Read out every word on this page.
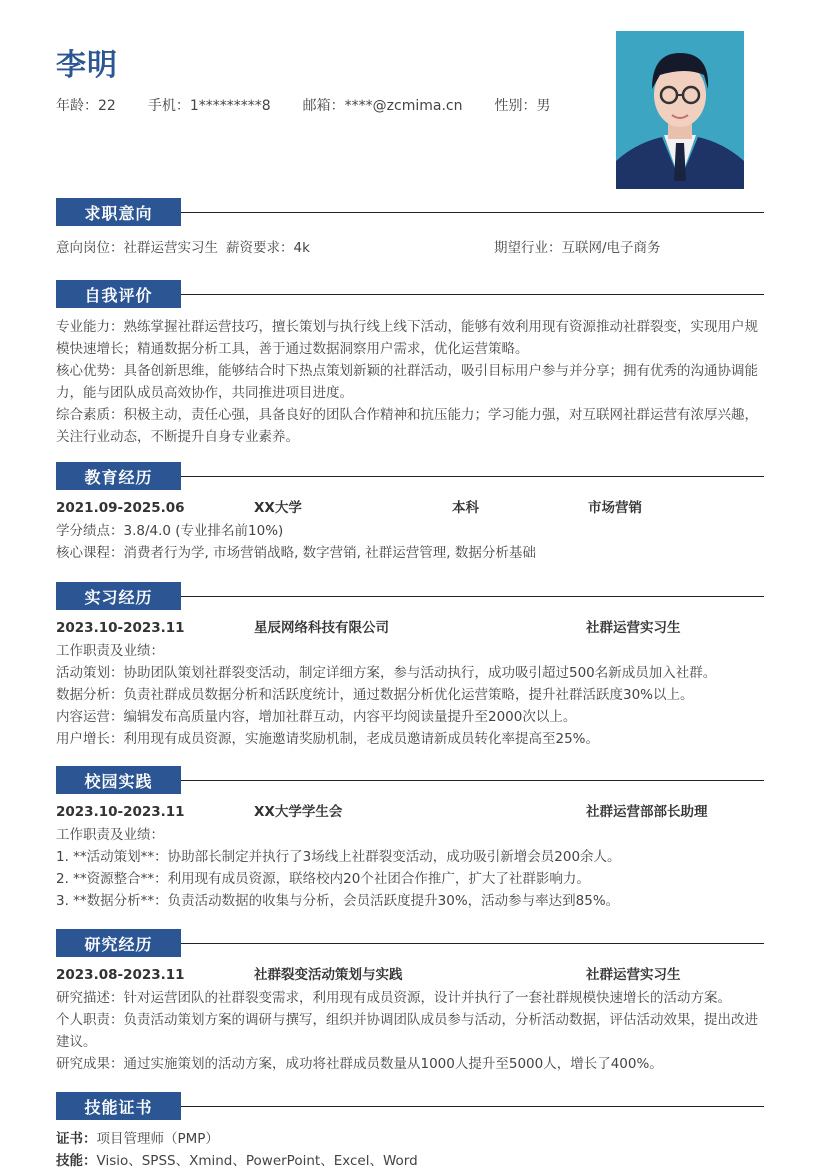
李明
年龄：22 手机：1*********8 邮箱：****@zcmima.cn 性别：男
求职意向
意向岗位：社群运营实习生 薪资要求：4k	期望行业：互联网/电子商务
自我评价
专业能力：熟练掌握社群运营技巧，擅长策划与执行线上线下活动，能够有效利用现有资源推动社群裂变，实现用户规模快速增长；精通数据分析工具，善于通过数据洞察用户需求，优化运营策略。
核心优势：具备创新思维，能够结合时下热点策划新颖的社群活动，吸引目标用户参与并分享；拥有优秀的沟通协调能力，能与团队成员高效协作，共同推进项目进度。
综合素质：积极主动，责任心强，具备良好的团队合作精神和抗压能力；学习能力强，对互联网社群运营有浓厚兴趣，关注行业动态，不断提升自身专业素养。
教育经历
2021.09-2025.06	XX大学	本科	市场营销
学分绩点：3.8/4.0 (专业排名前10%)
核心课程：消费者行为学, 市场营销战略, 数字营销, 社群运营管理, 数据分析基础
实习经历
2023.10-2023.11	星辰网络科技有限公司	社群运营实习生
工作职责及业绩：
活动策划：协助团队策划社群裂变活动，制定详细方案，参与活动执行，成功吸引超过500名新成员加入社群。
数据分析：负责社群成员数据分析和活跃度统计，通过数据分析优化运营策略，提升社群活跃度30%以上。
内容运营：编辑发布高质量内容，增加社群互动，内容平均阅读量提升至2000次以上。
用户增长：利用现有成员资源，实施邀请奖励机制，老成员邀请新成员转化率提高至25%。
校园实践
2023.10-2023.11	XX大学学生会	社群运营部部长助理
工作职责及业绩：
1. **活动策划**：协助部长制定并执行了3场线上社群裂变活动，成功吸引新增会员200余人。
2. **资源整合**：利用现有成员资源，联络校内20个社团合作推广，扩大了社群影响力。
3. **数据分析**：负责活动数据的收集与分析，会员活跃度提升30%，活动参与率达到85%。
研究经历
2023.08-2023.11	社群裂变活动策划与实践	社群运营实习生
研究描述：针对运营团队的社群裂变需求，利用现有成员资源，设计并执行了一套社群规模快速增长的活动方案。
个人职责：负责活动策划方案的调研与撰写，组织并协调团队成员参与活动，分析活动数据，评估活动效果，提出改进建议。
研究成果：通过实施策划的活动方案，成功将社群成员数量从1000人提升至5000人，增长了400%。
技能证书
证书：项目管理师（PMP）
技能：Visio、SPSS、Xmind、PowerPoint、Excel、Word
